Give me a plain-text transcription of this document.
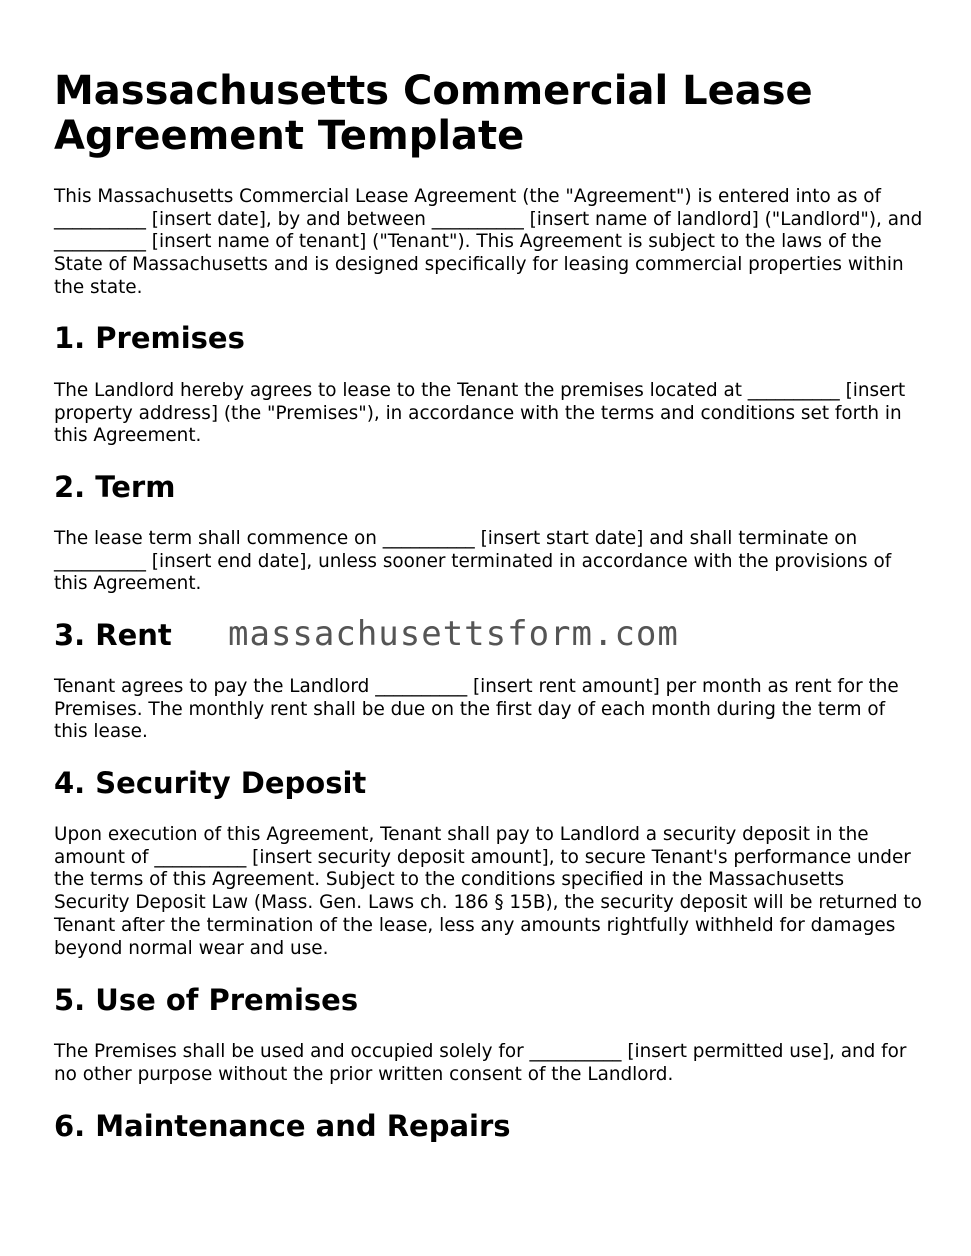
Massachusetts Commercial Lease Agreement Template

This Massachusetts Commercial Lease Agreement (the "Agreement") is entered into as of __________ [insert date], by and between __________ [insert name of landlord] ("Landlord"), and __________ [insert name of tenant] ("Tenant"). This Agreement is subject to the laws of the State of Massachusetts and is designed specifically for leasing commercial properties within the state.

1. Premises

The Landlord hereby agrees to lease to the Tenant the premises located at __________ [insert property address] (the "Premises"), in accordance with the terms and conditions set forth in this Agreement.

2. Term

The lease term shall commence on __________ [insert start date] and shall terminate on __________ [insert end date], unless sooner terminated in accordance with the provisions of this Agreement.

3. Rent

Tenant agrees to pay the Landlord __________ [insert rent amount] per month as rent for the Premises. The monthly rent shall be due on the first day of each month during the term of this lease.

4. Security Deposit

Upon execution of this Agreement, Tenant shall pay to Landlord a security deposit in the amount of __________ [insert security deposit amount], to secure Tenant's performance under the terms of this Agreement. Subject to the conditions specified in the Massachusetts Security Deposit Law (Mass. Gen. Laws ch. 186 § 15B), the security deposit will be returned to Tenant after the termination of the lease, less any amounts rightfully withheld for damages beyond normal wear and use.

5. Use of Premises

The Premises shall be used and occupied solely for __________ [insert permitted use], and for no other purpose without the prior written consent of the Landlord.

6. Maintenance and Repairs
massachusettsform.com
